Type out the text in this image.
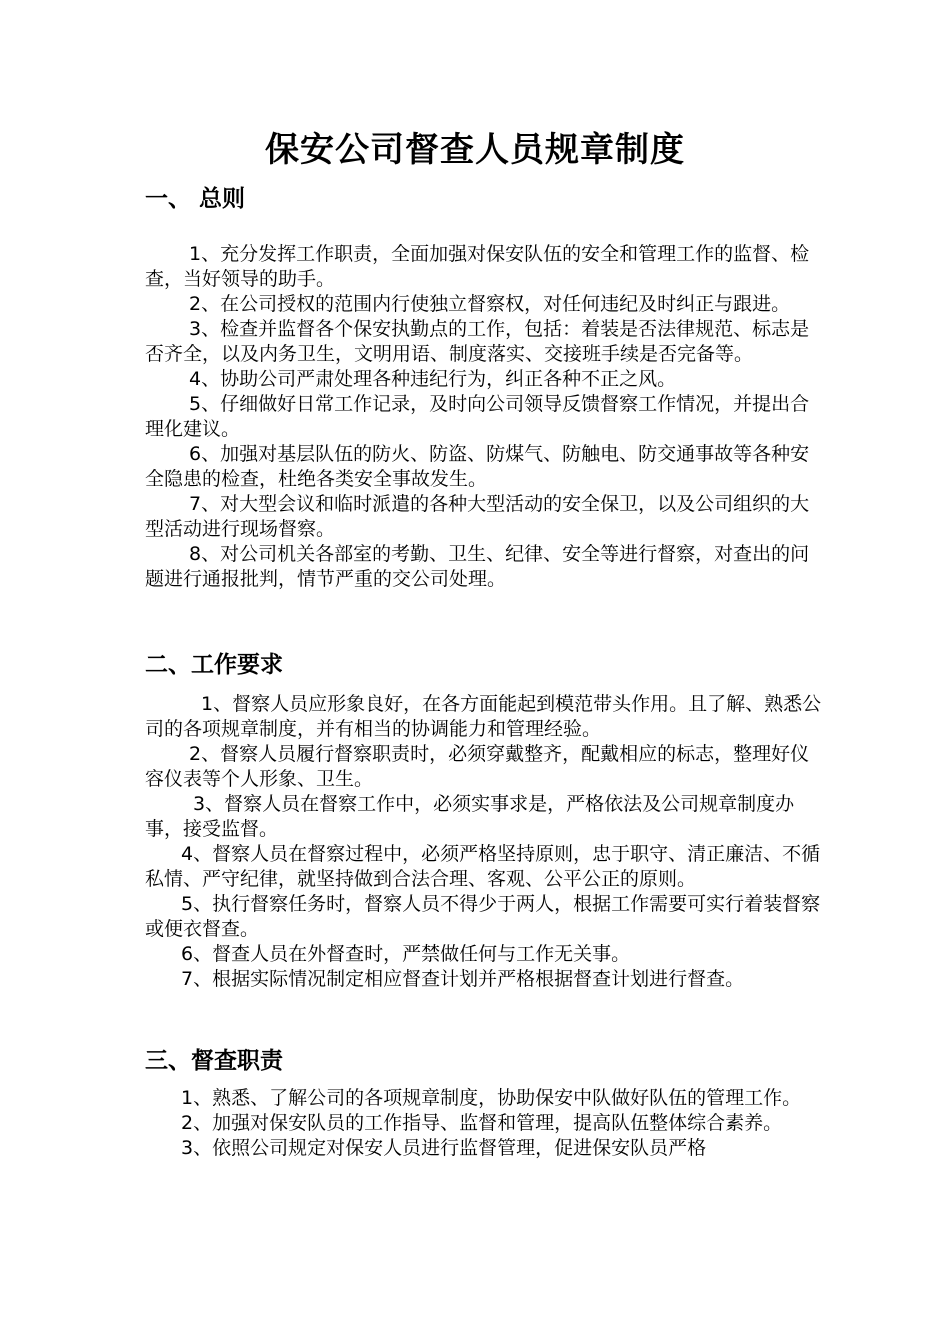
保安公司督查人员规章制度
一、 总则

1、充分发挥工作职责，全面加强对保安队伍的安全和管理工作的监督、检查，当好领导的助手。

2、在公司授权的范围内行使独立督察权，对任何违纪及时纠正与跟进。

3、检查并监督各个保安执勤点的工作，包括：着装是否法律规范、标志是否齐全，以及内务卫生，文明用语、制度落实、交接班手续是否完备等。

4、协助公司严肃处理各种违纪行为，纠正各种不正之风。

5、仔细做好日常工作记录，及时向公司领导反馈督察工作情况，并提出合理化建议。

6、加强对基层队伍的防火、防盗、防煤气、防触电、防交通事故等各种安全隐患的检查，杜绝各类安全事故发生。

7、对大型会议和临时派遣的各种大型活动的安全保卫，以及公司组织的大型活动进行现场督察。

8、对公司机关各部室的考勤、卫生、纪律、安全等进行督察，对查出的问题进行通报批判，情节严重的交公司处理。

二、工作要求

1、督察人员应形象良好，在各方面能起到模范带头作用。且了解、熟悉公司的各项规章制度，并有相当的协调能力和管理经验。

2、督察人员履行督察职责时，必须穿戴整齐，配戴相应的标志，整理好仪容仪表等个人形象、卫生。

3、督察人员在督察工作中，必须实事求是，严格依法及公司规章制度办事，接受监督。

4、督察人员在督察过程中，必须严格坚持原则，忠于职守、清正廉洁、不循私情、严守纪律，就坚持做到合法合理、客观、公平公正的原则。

5、执行督察任务时，督察人员不得少于两人，根据工作需要可实行着装督察或便衣督查。

6、督查人员在外督查时，严禁做任何与工作无关事。

7、根据实际情况制定相应督查计划并严格根据督查计划进行督查。

三、督查职责

1、熟悉、了解公司的各项规章制度，协助保安中队做好队伍的管理工作。

2、加强对保安队员的工作指导、监督和管理，提高队伍整体综合素养。

3、依照公司规定对保安人员进行监督管理，促进保安队员严格
